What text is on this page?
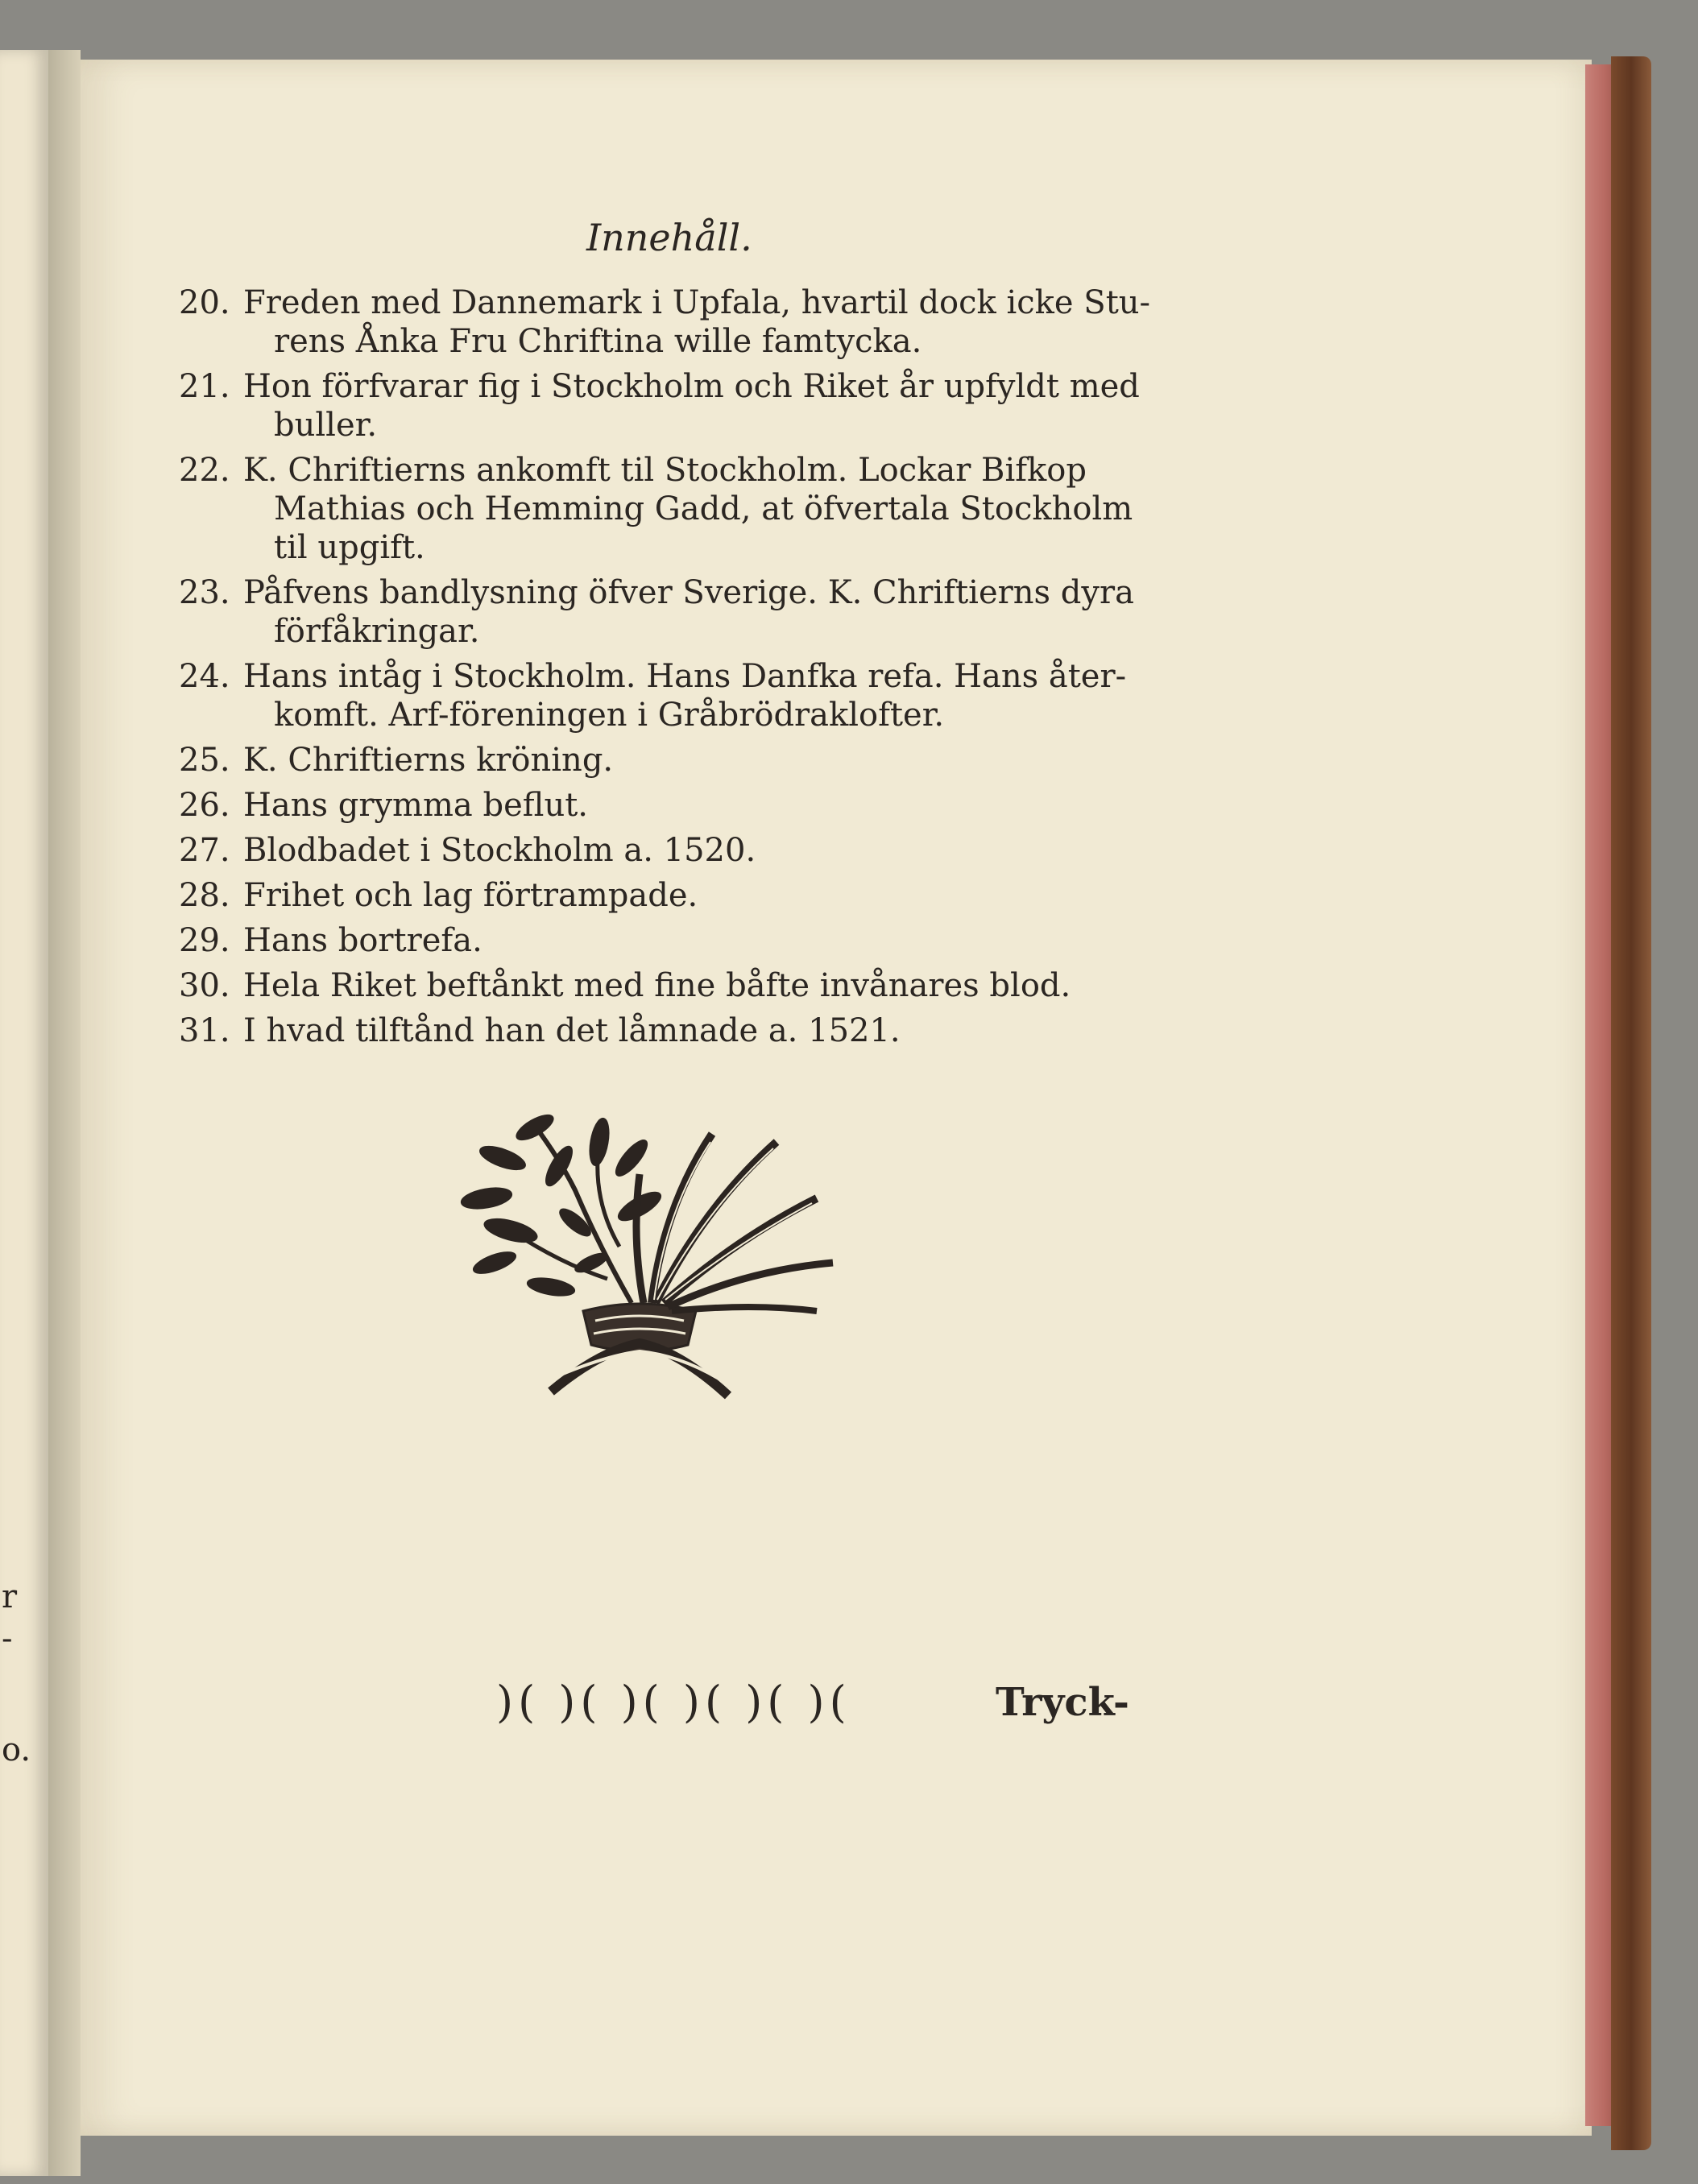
r
-
o.
Innehåll.
20. Freden med Dannemark i Upfala, hvartil dock icke Stu-
rens Ånka Fru Chriftina wille famtycka.
21. Hon förfvarar fig i Stockholm och Riket år upfyldt med
buller.
22. K. Chriftierns ankomft til Stockholm. Lockar Bifkop
Mathias och Hemming Gadd, at öfvertala Stockholm
til upgift.
23. Påfvens bandlysning öfver Sverige. K. Chriftierns dyra
förfåkringar.
24. Hans intåg i Stockholm. Hans Danfka refa. Hans åter-
komft. Arf-föreningen i Gråbrödraklofter.
25. K. Chriftierns kröning.
26. Hans grymma beflut.
27. Blodbadet i Stockholm a. 1520.
28. Frihet och lag förtrampade.
29. Hans bortrefa.
30. Hela Riket beftånkt med fine båfte invånares blod.
31. I hvad tilftånd han det låmnade a. 1521.
)( )( )( )( )( )(	Tryck-
